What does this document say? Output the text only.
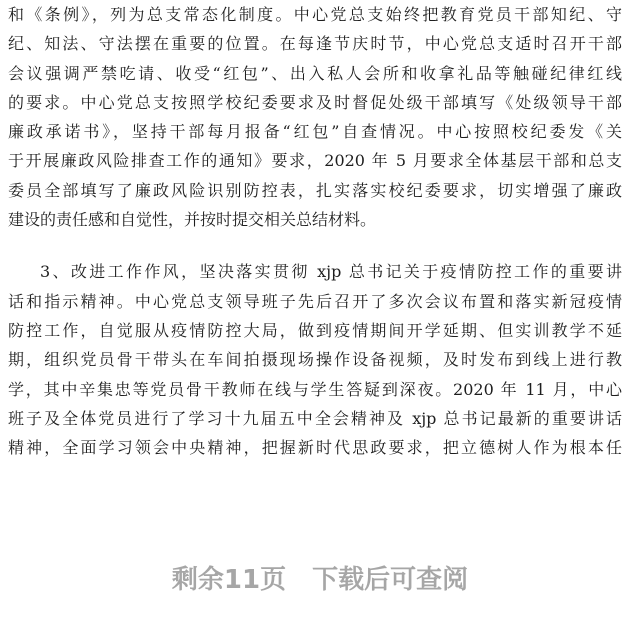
和《条例》，列为总支常态化制度。中心党总支始终把教育党员干部知纪、守
纪、知法、守法摆在重要的位置。在每逢节庆时节，中心党总支适时召开干部
会议强调严禁吃请、收受“红包”、出入私人会所和收拿礼品等触碰纪律红线
的要求。中心党总支按照学校纪委要求及时督促处级干部填写《处级领导干部
廉政承诺书》，坚持干部每月报备“红包”自查情况。中心按照校纪委发《关
于开展廉政风险排查工作的通知》要求，2020 年 5 月要求全体基层干部和总支
委员全部填写了廉政风险识别防控表，扎实落实校纪委要求，切实增强了廉政
建设的责任感和自觉性，并按时提交相关总结材料。
3、改进工作作风，坚决落实贯彻 xjp 总书记关于疫情防控工作的重要讲
话和指示精神。中心党总支领导班子先后召开了多次会议布置和落实新冠疫情
防控工作，自觉服从疫情防控大局，做到疫情期间开学延期、但实训教学不延
期，组织党员骨干带头在车间拍摄现场操作设备视频，及时发布到线上进行教
学，其中辛集忠等党员骨干教师在线与学生答疑到深夜。2020 年 11 月，中心
班子及全体党员进行了学习十九届五中全会精神及 xjp 总书记最新的重要讲话
精神，全面学习领会中央精神，把握新时代思政要求，把立德树人作为根本任
剩余11页 下载后可查阅
